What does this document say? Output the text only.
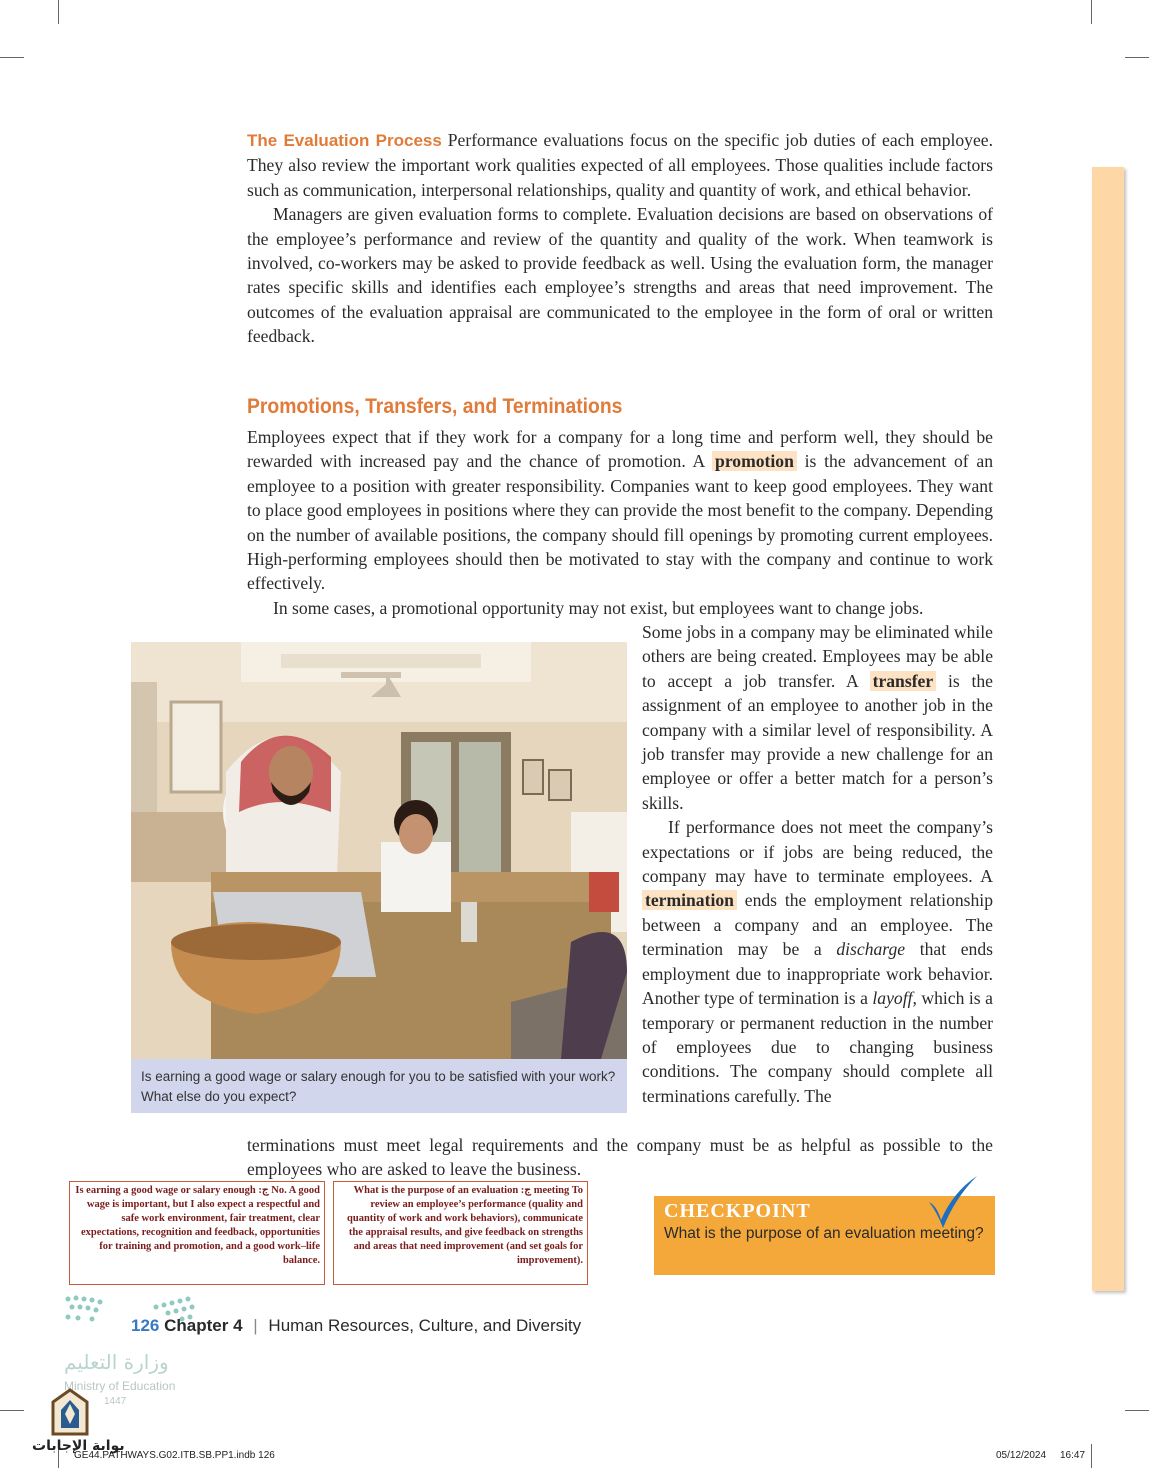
The Evaluation Process Performance evaluations focus on the specific job duties of each employee. They also review the important work qualities expected of all employees. Those qualities include factors such as communication, interpersonal relationships, quality and quantity of work, and ethical behavior.

Managers are given evaluation forms to complete. Evaluation decisions are based on observations of the employee’s performance and review of the quantity and quality of the work. When teamwork is involved, co-workers may be asked to provide feedback as well. Using the evaluation form, the manager rates specific skills and identifies each employee’s strengths and areas that need improvement. The outcomes of the evaluation appraisal are communicated to the employee in the form of oral or written feedback.

Promotions, Transfers, and Terminations

Employees expect that if they work for a company for a long time and perform well, they should be rewarded with increased pay and the chance of promotion. A promotion is the advancement of an employee to a position with greater responsibility. Companies want to keep good employees. They want to place good employees in positions where they can provide the most benefit to the company. Depending on the number of available positions, the company should fill openings by promoting current employees. High-performing employees should then be motivated to stay with the company and continue to work effectively.

In some cases, a promotional opportunity may not exist, but employees want to change jobs.

Some jobs in a company may be eliminated while others are being created. Employees may be able to accept a job transfer. A transfer is the assignment of an employee to another job in the company with a similar level of responsibility. A job transfer may provide a new challenge for an employee or offer a better match for a person’s skills.

If performance does not meet the company’s expectations or if jobs are being reduced, the company may have to terminate employees. A termination ends the employment relationship between a company and an employee. The termination may be a discharge that ends employment due to inappropriate work behavior. Another type of termination is a layoff, which is a temporary or permanent reduction in the number of employees due to changing business conditions. The company should complete all terminations carefully. The

terminations must meet legal requirements and the company must be as helpful as possible to the employees who are asked to leave the business.
Is earning a good wage or salary enough for you to be satisfied with your work? What else do you expect?
Is earning a good wage or salary enough :ج No. A good wage is important, but I also expect a respectful and safe work environment, fair treatment, clear expectations, recognition and feedback, opportunities for training and promotion, and a good work–life balance.
What is the purpose of an evaluation :ج meeting To review an employee’s performance (quality and quantity of work and work behaviors), communicate the appraisal results, and give feedback on strengths and areas that need improvement (and set goals for improvement).
CHECKPOINT
What is the purpose of an evaluation meeting?
126 Chapter 4 | Human Resources, Culture, and Diversity
وزارة التعليم
Ministry of Education
1447
بوابة الإجابات
GE44.PATHWAYS.G02.ITB.SB.PP1.indb 126	05/12/2024 16:47
